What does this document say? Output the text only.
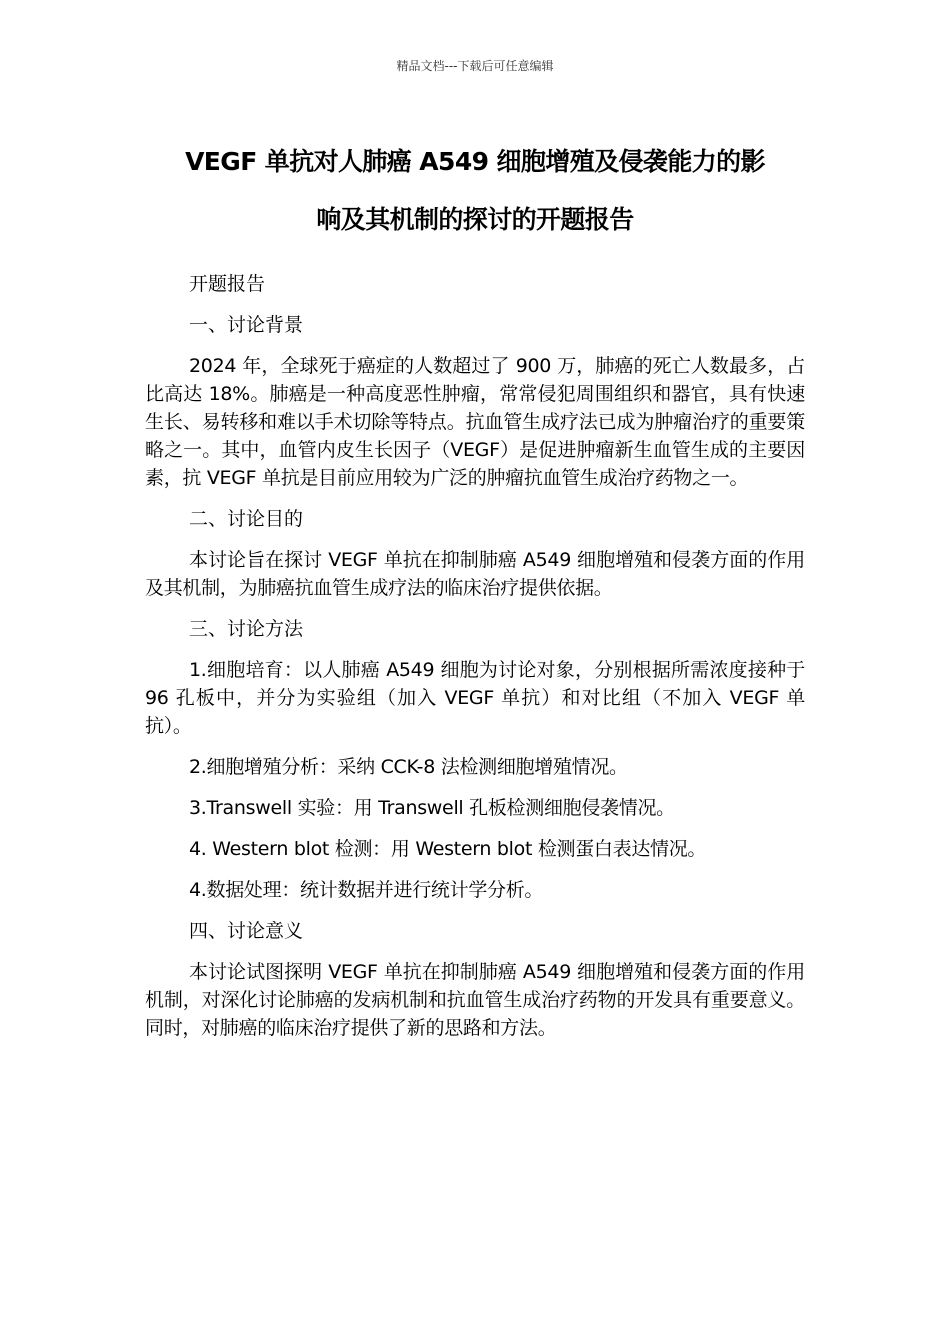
精品文档---下载后可任意编辑
VEGF 单抗对人肺癌 A549 细胞增殖及侵袭能力的影
响及其机制的探讨的开题报告

开题报告

一、讨论背景

2024 年，全球死于癌症的人数超过了 900 万，肺癌的死亡人数最多，占比高达 18%。肺癌是一种高度恶性肿瘤，常常侵犯周围组织和器官，具有快速生长、易转移和难以手术切除等特点。抗血管生成疗法已成为肿瘤治疗的重要策略之一。其中，血管内皮生长因子（VEGF）是促进肿瘤新生血管生成的主要因素，抗 VEGF 单抗是目前应用较为广泛的肿瘤抗血管生成治疗药物之一。

二、讨论目的

本讨论旨在探讨 VEGF 单抗在抑制肺癌 A549 细胞增殖和侵袭方面的作用及其机制，为肺癌抗血管生成疗法的临床治疗提供依据。

三、讨论方法

1.细胞培育：以人肺癌 A549 细胞为讨论对象，分别根据所需浓度接种于 96 孔板中，并分为实验组（加入 VEGF 单抗）和对比组（不加入 VEGF 单抗）。

2.细胞增殖分析：采纳 CCK-8 法检测细胞增殖情况。

3.Transwell 实验：用 Transwell 孔板检测细胞侵袭情况。

4. Western blot 检测：用 Western blot 检测蛋白表达情况。

4.数据处理：统计数据并进行统计学分析。

四、讨论意义

本讨论试图探明 VEGF 单抗在抑制肺癌 A549 细胞增殖和侵袭方面的作用机制，对深化讨论肺癌的发病机制和抗血管生成治疗药物的开发具有重要意义。同时，对肺癌的临床治疗提供了新的思路和方法。
